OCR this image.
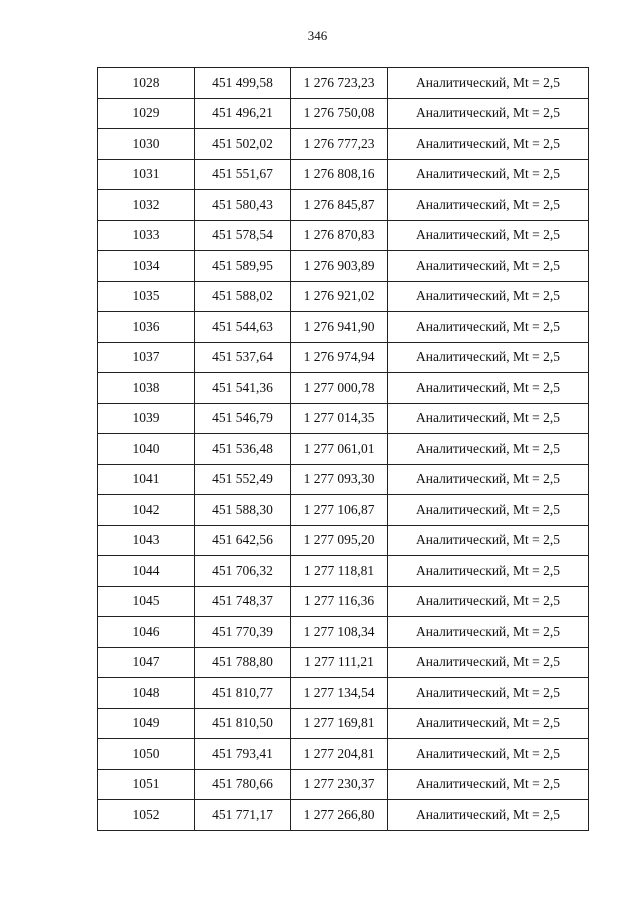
346
1028	451 499,58	1 276 723,23	Аналитический, Mt = 2,5
1029	451 496,21	1 276 750,08	Аналитический, Mt = 2,5
1030	451 502,02	1 276 777,23	Аналитический, Mt = 2,5
1031	451 551,67	1 276 808,16	Аналитический, Mt = 2,5
1032	451 580,43	1 276 845,87	Аналитический, Mt = 2,5
1033	451 578,54	1 276 870,83	Аналитический, Mt = 2,5
1034	451 589,95	1 276 903,89	Аналитический, Mt = 2,5
1035	451 588,02	1 276 921,02	Аналитический, Mt = 2,5
1036	451 544,63	1 276 941,90	Аналитический, Mt = 2,5
1037	451 537,64	1 276 974,94	Аналитический, Mt = 2,5
1038	451 541,36	1 277 000,78	Аналитический, Mt = 2,5
1039	451 546,79	1 277 014,35	Аналитический, Mt = 2,5
1040	451 536,48	1 277 061,01	Аналитический, Mt = 2,5
1041	451 552,49	1 277 093,30	Аналитический, Mt = 2,5
1042	451 588,30	1 277 106,87	Аналитический, Mt = 2,5
1043	451 642,56	1 277 095,20	Аналитический, Mt = 2,5
1044	451 706,32	1 277 118,81	Аналитический, Mt = 2,5
1045	451 748,37	1 277 116,36	Аналитический, Mt = 2,5
1046	451 770,39	1 277 108,34	Аналитический, Mt = 2,5
1047	451 788,80	1 277 111,21	Аналитический, Mt = 2,5
1048	451 810,77	1 277 134,54	Аналитический, Mt = 2,5
1049	451 810,50	1 277 169,81	Аналитический, Mt = 2,5
1050	451 793,41	1 277 204,81	Аналитический, Mt = 2,5
1051	451 780,66	1 277 230,37	Аналитический, Mt = 2,5
1052	451 771,17	1 277 266,80	Аналитический, Mt = 2,5
